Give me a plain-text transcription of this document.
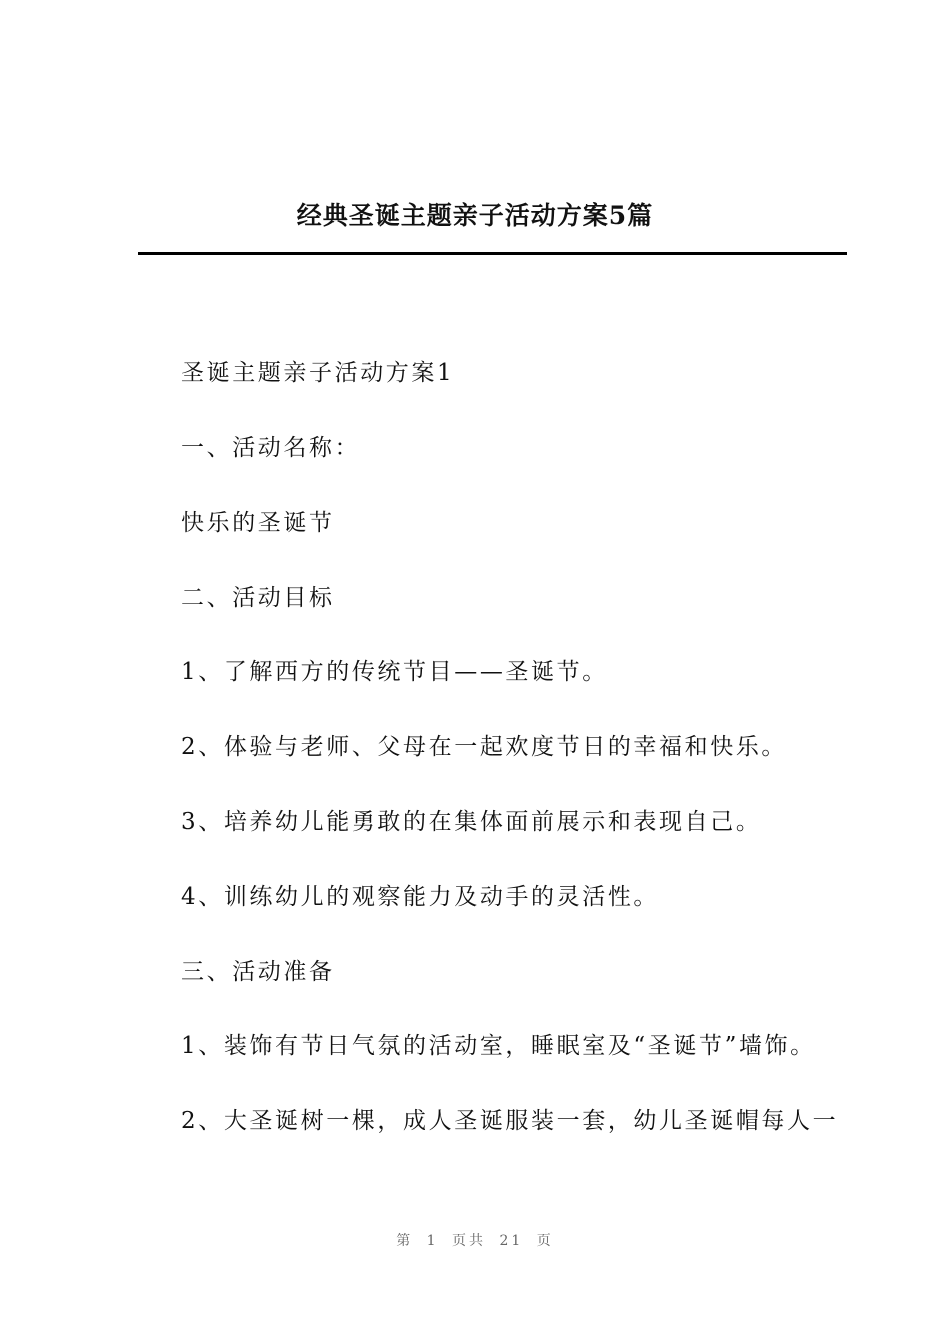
经典圣诞主题亲子活动方案5篇
圣诞主题亲子活动方案1
一、活动名称：
快乐的圣诞节
二、活动目标
1、了解西方的传统节目——圣诞节。
2、体验与老师、父母在一起欢度节日的幸福和快乐。
3、培养幼儿能勇敢的在集体面前展示和表现自己。
4、训练幼儿的观察能力及动手的灵活性。
三、活动准备
1、装饰有节日气氛的活动室，睡眠室及“圣诞节”墙饰。
2、大圣诞树一棵，成人圣诞服装一套，幼儿圣诞帽每人一
第 1 页共 21 页
